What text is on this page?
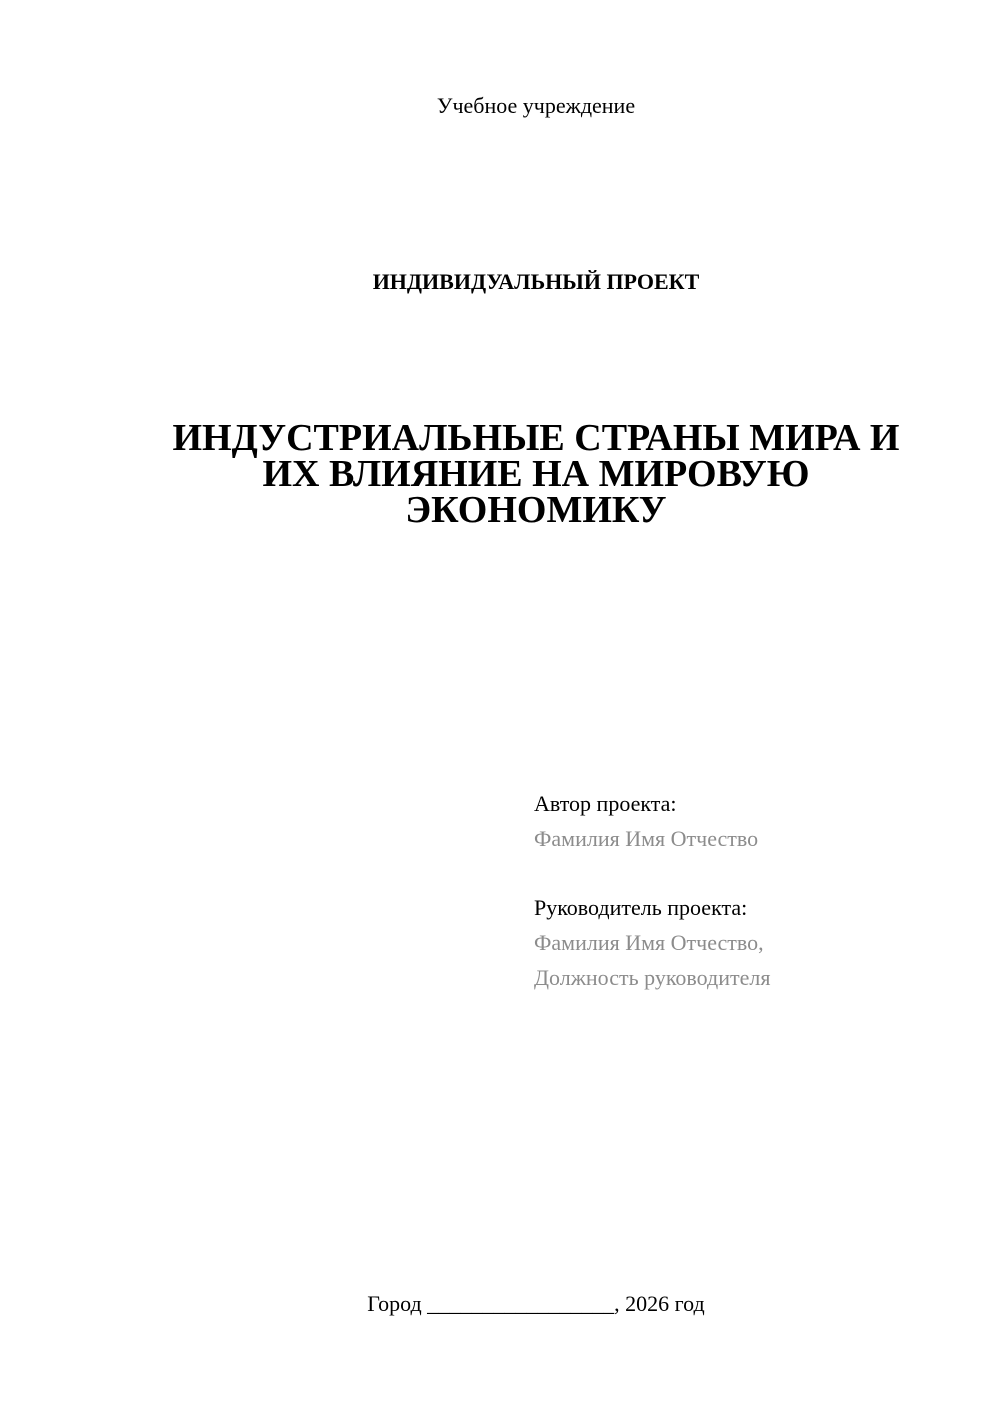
Учебное учреждение
ИНДИВИДУАЛЬНЫЙ ПРОЕКТ
ИНДУСТРИАЛЬНЫЕ СТРАНЫ МИРА И
ИХ ВЛИЯНИЕ НА МИРОВУЮ
ЭКОНОМИКУ
Автор проекта:
Фамилия Имя Отчество
Руководитель проекта:
Фамилия Имя Отчество,
Должность руководителя
Город _________________, 2026 год
